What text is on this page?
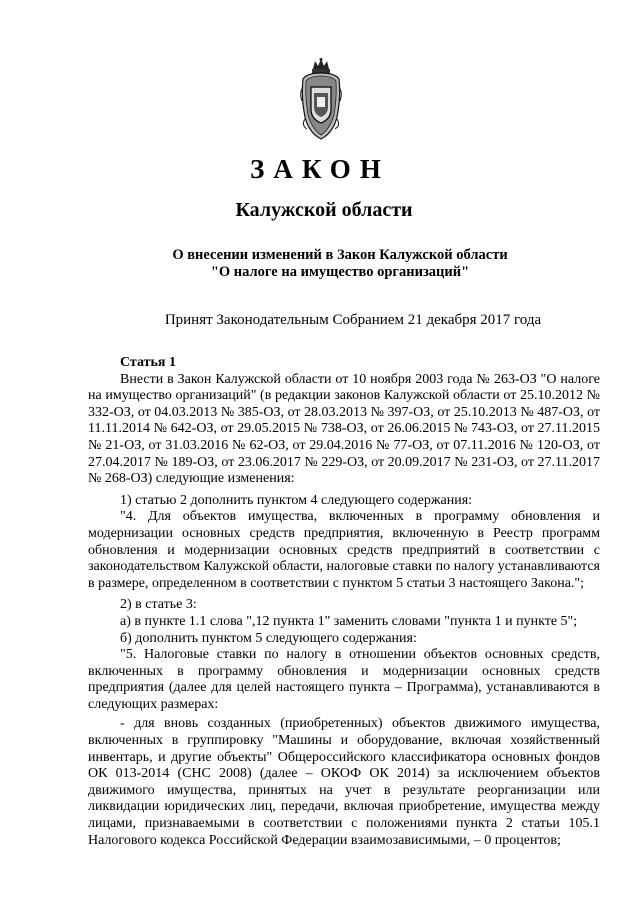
ЗАКОН
Калужской области
О внесении изменений в Закон Калужской области
"О налоге на имущество организаций"
Принят Законодательным Собранием 21 декабря 2017 года

Статья 1

Внести в Закон Калужской области от 10 ноября 2003 года № 263-ОЗ "О налоге на имущество организаций" (в редакции законов Калужской области от 25.10.2012 № 332-ОЗ, от 04.03.2013 № 385-ОЗ, от 28.03.2013 № 397-ОЗ, от 25.10.2013 № 487-ОЗ, от 11.11.2014 № 642-ОЗ, от 29.05.2015 № 738-ОЗ, от 26.06.2015 № 743-ОЗ, от 27.11.2015 № 21-ОЗ, от 31.03.2016 № 62-ОЗ, от 29.04.2016 № 77-ОЗ, от 07.11.2016 № 120-ОЗ, от 27.04.2017 № 189-ОЗ, от 23.06.2017 № 229-ОЗ, от 20.09.2017 № 231-ОЗ, от 27.11.2017 № 268-ОЗ) следующие изменения:

1) статью 2 дополнить пунктом 4 следующего содержания:

"4. Для объектов имущества, включенных в программу обновления и модернизации основных средств предприятия, включенную в Реестр программ обновления и модернизации основных средств предприятий в соответствии с законодательством Калужской области, налоговые ставки по налогу устанавливаются в размере, определенном в соответствии с пунктом 5 статьи 3 настоящего Закона.";

2) в статье 3:

а) в пункте 1.1 слова ",12 пункта 1" заменить словами "пункта 1 и пункте 5";

б) дополнить пунктом 5 следующего содержания:

"5. Налоговые ставки по налогу в отношении объектов основных средств, включенных в программу обновления и модернизации основных средств предприятия (далее для целей настоящего пункта – Программа), устанавливаются в следующих размерах:

- для вновь созданных (приобретенных) объектов движимого имущества, включенных в группировку "Машины и оборудование, включая хозяйственный инвентарь, и другие объекты" Общероссийского классификатора основных фондов ОК 013-2014 (СНС 2008) (далее – ОКОФ ОК 2014) за исключением объектов движимого имущества, принятых на учет в результате реорганизации или ликвидации юридических лиц, передачи, включая приобретение, имущества между лицами, признаваемыми в соответствии с положениями пункта 2 статьи 105.1 Налогового кодекса Российской Федерации взаимозависимыми, – 0 процентов;
